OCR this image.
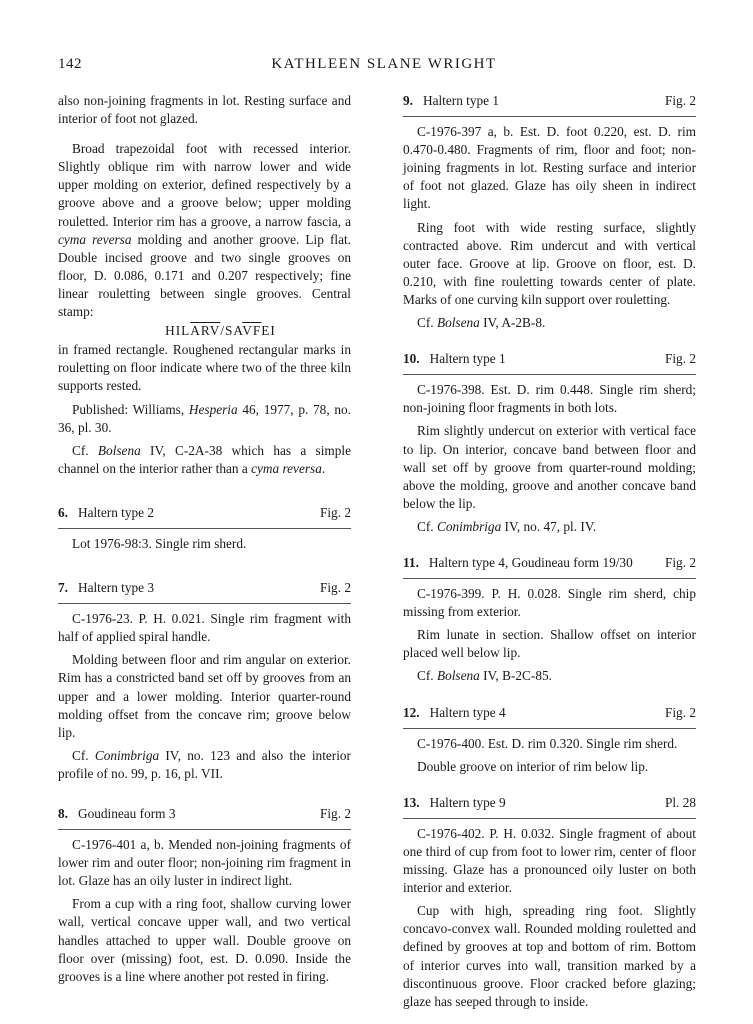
142	KATHLEEN SLANE WRIGHT

also non-joining fragments in lot. Resting surface and interior of foot not glazed.

Broad trapezoidal foot with recessed interior. Slightly oblique rim with narrow lower and wide upper molding on exterior, defined respectively by a groove above and a groove below; upper molding rouletted. Interior rim has a groove, a narrow fascia, a cyma reversa molding and another groove. Lip flat. Double incised groove and two single grooves on floor, D. 0.086, 0.171 and 0.207 respectively; fine linear rouletting between single grooves. Central stamp:

$HIL\overline{ARV}/SA\overline{VF}EI$

in framed rectangle. Roughened rectangular marks in rouletting on floor indicate where two of the three kiln supports rested.

Published: Williams, Hesperia 46, 1977, p. 78, no. 36, pl. 30.

Cf. Bolsena IV, C-2A-38 which has a simple channel on the interior rather than a cyma reversa.

6. Haltern type 2	Fig. 2

Lot 1976-98:3. Single rim sherd.

7. Haltern type 3	Fig. 2

C-1976-23. P. H. 0.021. Single rim fragment with half of applied spiral handle.

Molding between floor and rim angular on exterior. Rim has a constricted band set off by grooves from an upper and a lower molding. Interior quarter-round molding offset from the concave rim; groove below lip.

Cf. Conimbriga IV, no. 123 and also the interior profile of no. 99, p. 16, pl. VII.

8. Goudineau form 3	Fig. 2

C-1976-401 a, b. Mended non-joining fragments of lower rim and outer floor; non-joining rim fragment in lot. Glaze has an oily luster in indirect light.

From a cup with a ring foot, shallow curving lower wall, vertical concave upper wall, and two vertical handles attached to upper wall. Double groove on floor over (missing) foot, est. D. 0.090. Inside the grooves is a line where another pot rested in firing.

9. Haltern type 1	Fig. 2

C-1976-397 a, b. Est. D. foot 0.220, est. D. rim 0.470-0.480. Fragments of rim, floor and foot; non-joining fragments in lot. Resting surface and interior of foot not glazed. Glaze has oily sheen in indirect light.

Ring foot with wide resting surface, slightly contracted above. Rim undercut and with vertical outer face. Groove at lip. Groove on floor, est. D. 0.210, with fine rouletting towards center of plate. Marks of one curving kiln support over rouletting.

Cf. Bolsena IV, A-2B-8.

10. Haltern type 1	Fig. 2

C-1976-398. Est. D. rim 0.448. Single rim sherd; non-joining floor fragments in both lots.

Rim slightly undercut on exterior with vertical face to lip. On interior, concave band between floor and wall set off by groove from quarter-round molding; above the molding, groove and another concave band below the lip.

Cf. Conimbriga IV, no. 47, pl. IV.

11. Haltern type 4, Goudineau form 19/30	Fig. 2

C-1976-399. P. H. 0.028. Single rim sherd, chip missing from exterior.

Rim lunate in section. Shallow offset on interior placed well below lip.

Cf. Bolsena IV, B-2C-85.

12. Haltern type 4	Fig. 2

C-1976-400. Est. D. rim 0.320. Single rim sherd.

Double groove on interior of rim below lip.

13. Haltern type 9	Pl. 28

C-1976-402. P. H. 0.032. Single fragment of about one third of cup from foot to lower rim, center of floor missing. Glaze has a pronounced oily luster on both interior and exterior.

Cup with high, spreading ring foot. Slightly concavo-convex wall. Rounded molding rouletted and defined by grooves at top and bottom of rim. Bottom of interior curves into wall, transition marked by a discontinuous groove. Floor cracked before glazing; glaze has seeped through to inside.
